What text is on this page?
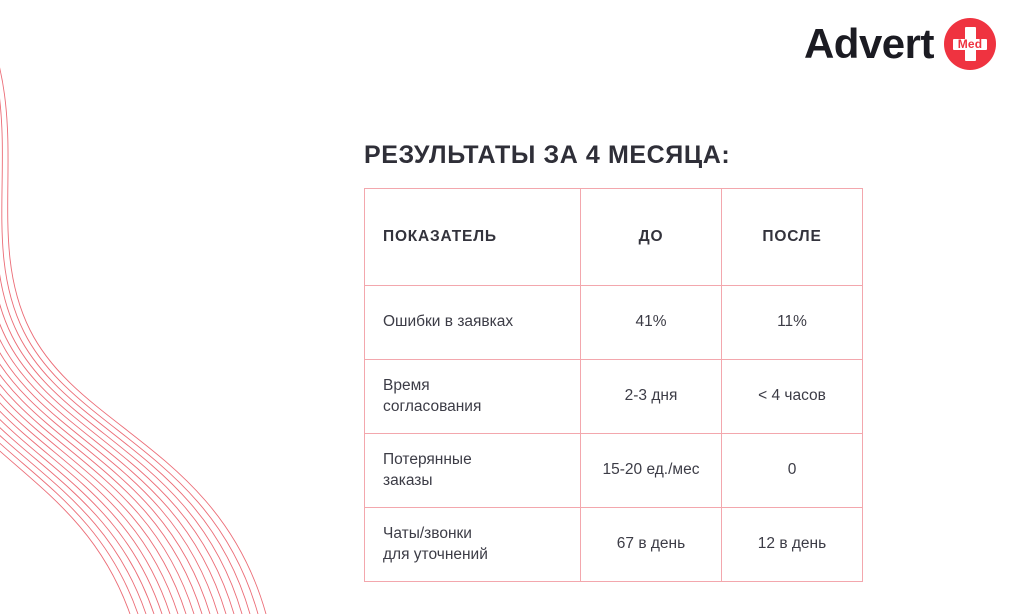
Advert Med
РЕЗУЛЬТАТЫ ЗА 4 МЕСЯЦА:
ПОКАЗАТЕЛЬ	ДО	ПОСЛЕ

Ошибки в заявках	41%	11%

Время
согласования	2-3 дня	< 4 часов

Потерянные
заказы	15-20 ед./мес	0

Чаты/звонки
для уточнений	67 в день	12 в день
